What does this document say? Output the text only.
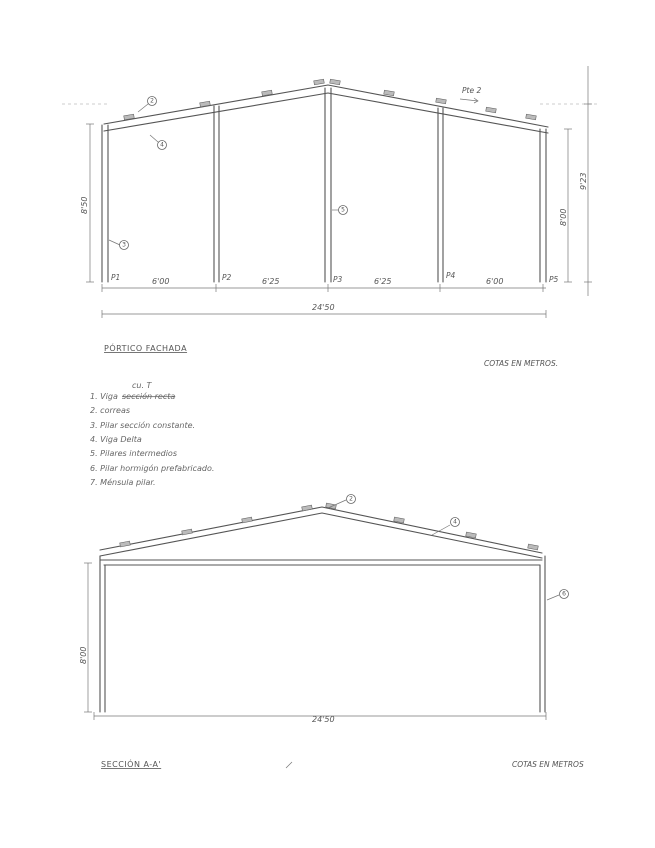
Pte 2
2
4
5
3
P1	P2	P3	P4	P5
6'00	6'25	6'25	6'00
24'50
8'50
8'00
9'23
PÓRTICO FACHADA
COTAS EN METROS.
cu. T
1. Viga sección recta
2. correas
3. Pilar sección constante.
4. Viga Delta
5. Pilares intermedios
6. Pilar hormigón prefabricado.
7. Ménsula pilar.
2
4
6
24'50
8'00
SECCIÓN A-A'	COTAS EN METROS
